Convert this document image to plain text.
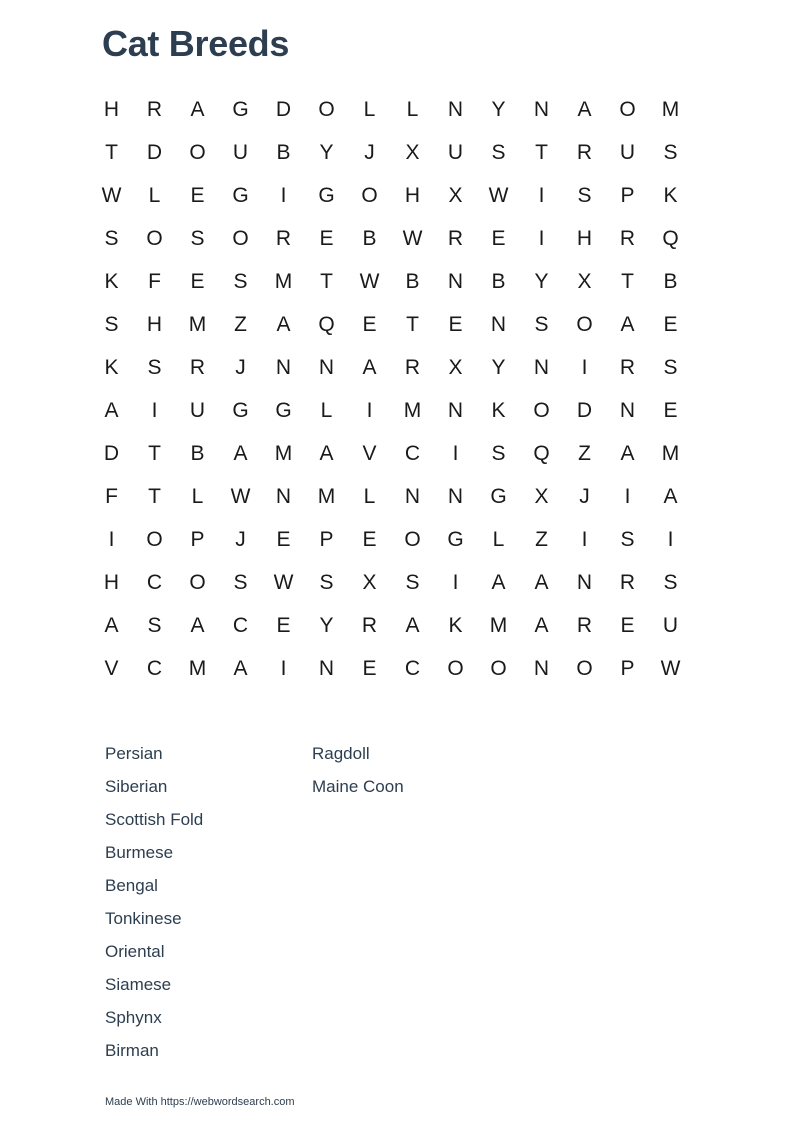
Cat Breeds
H	R	A	G	D	O	L	L	N	Y	N	A	O	M
T	D	O	U	B	Y	J	X	U	S	T	R	U	S
W	L	E	G	I	G	O	H	X	W	I	S	P	K
S	O	S	O	R	E	B	W	R	E	I	H	R	Q
K	F	E	S	M	T	W	B	N	B	Y	X	T	B
S	H	M	Z	A	Q	E	T	E	N	S	O	A	E
K	S	R	J	N	N	A	R	X	Y	N	I	R	S
A	I	U	G	G	L	I	M	N	K	O	D	N	E
D	T	B	A	M	A	V	C	I	S	Q	Z	A	M
F	T	L	W	N	M	L	N	N	G	X	J	I	A
I	O	P	J	E	P	E	O	G	L	Z	I	S	I
H	C	O	S	W	S	X	S	I	A	A	N	R	S
A	S	A	C	E	Y	R	A	K	M	A	R	E	U
V	C	M	A	I	N	E	C	O	O	N	O	P	W
Persian
Siberian
Scottish Fold
Burmese
Bengal
Tonkinese
Oriental
Siamese
Sphynx
Birman
Ragdoll
Maine Coon
Made With https://webwordsearch.com
